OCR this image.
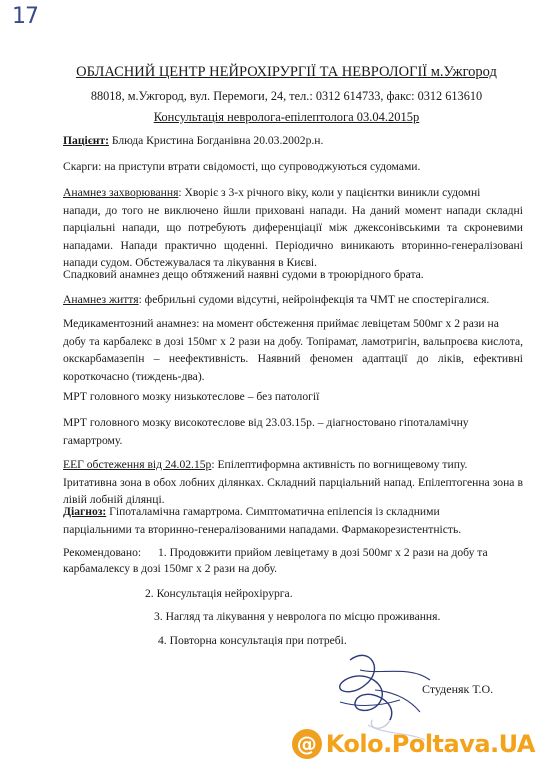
17
ОБЛАСНИЙ ЦЕНТР НЕЙРОХІРУРГІЇ ТА НЕВРОЛОГІЇ м.Ужгород
88018, м.Ужгород, вул. Перемоги, 24, тел.: 0312 614733, факс: 0312 613610
Консультація невролога-епілептолога 03.04.2015р
Пацієнт: Блюда Кристина Богданівна 20.03.2002р.н.
Скарги: на приступи втрати свідомості, що супроводжуються судомами.
Анамнез захворювання: Хворіє з 3-х річного віку, коли у пацієнтки виникли судомні
напади, до того не виключено йшли приховані напади. На даний момент напади складні парціальні напади, що потребують диференціації між джексонівськими та скроневими нападами. Напади практично щоденні. Періодично виникають вторинно-генералізовані напади судом. Обстежувалася та лікування в Києві.
Спадковий анамнез дещо обтяжений наявні судоми в троюрідного брата.
Анамнез життя: фебрильні судоми відсутні, нейроінфекція та ЧМТ не спостерігалися.
Медикаментозний анамнез: на момент обстеження приймає левіцетам 500мг х 2 рази на
добу та карбалекс в дозі 150мг х 2 рази на добу. Топірамат, ламотригін, вальпроєва кислота, окскарбамазепін – неефективність. Наявний феномен адаптації до ліків, ефективні короткочасно (тиждень-два).
МРТ головного мозку низькотеслове – без патології
МРТ головного мозку високотеслове від 23.03.15р. – діагностовано гіпоталамічну
гамартрому.
ЕЕГ обстеження від 24.02.15р: Епілептиформна активність по вогнищевому типу.
Іритативна зона в обох лобних ділянках. Складний парціальний напад. Епілептогенна зона в лівій лобній ділянці.
Діагноз: Гіпоталамічна гамартрома. Симптоматична епілепсія із складними
парціальними та вторинно-генералізованими нападами. Фармакорезистентність.
Рекомендовано: 1. Продовжити прийом левіцетаму в дозі 500мг х 2 рази на добу та
карбамалексу в дозі 150мг х 2 рази на добу.
2. Консультація нейрохірурга.
3. Нагляд та лікування у невролога по місцю проживання.
4. Повторна консультація при потребі.
Студеняк Т.О.
@ Kolo.Poltava.UA
